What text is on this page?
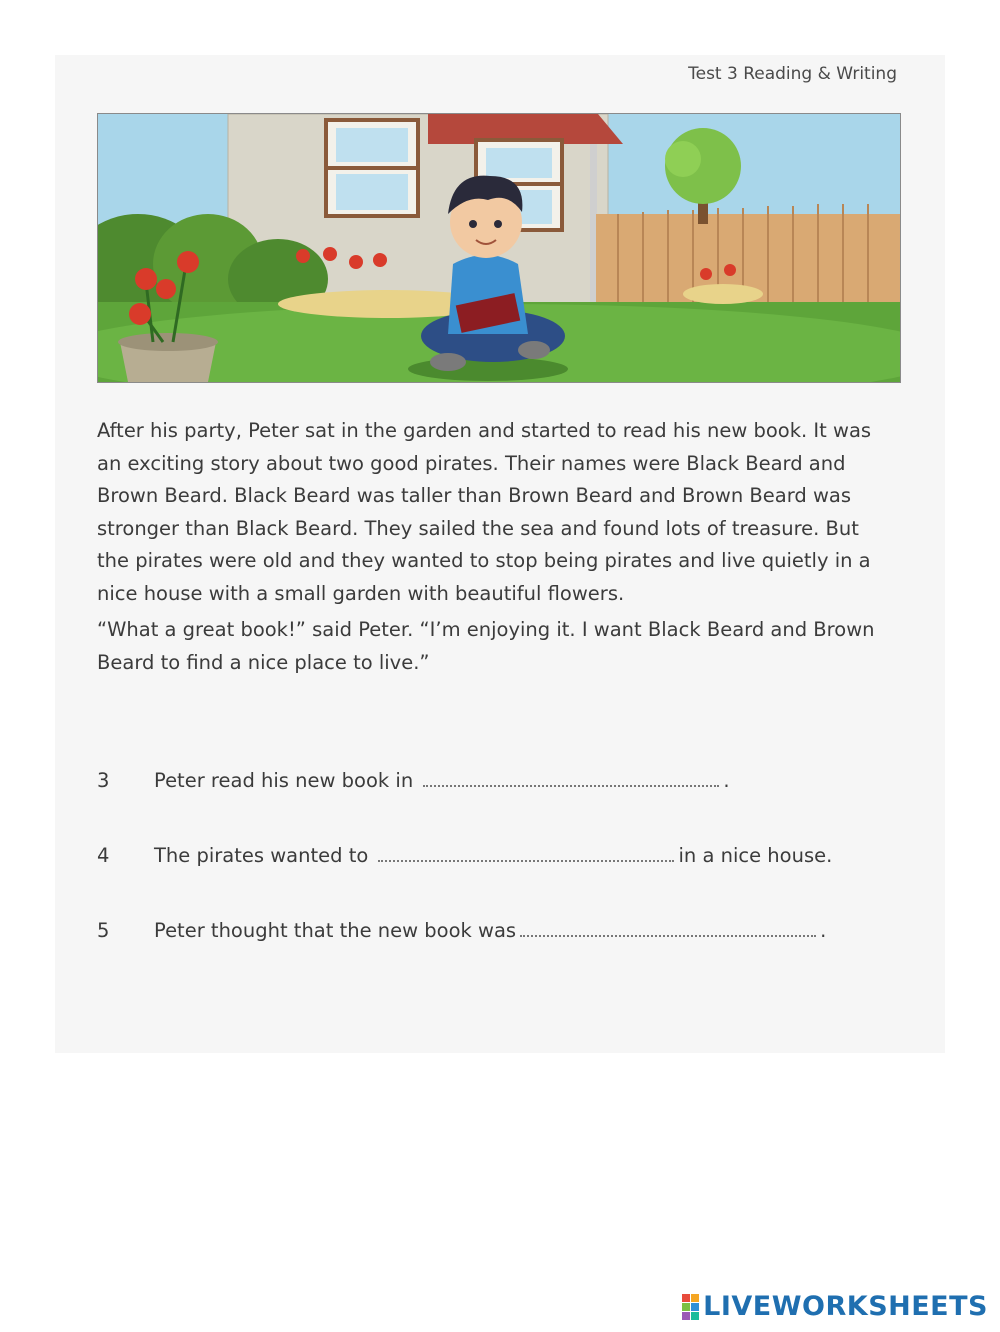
Test 3 Reading & Writing

After his party, Peter sat in the garden and started to read his new book. It was an exciting story about two good pirates. Their names were Black Beard and Brown Beard. Black Beard was taller than Brown Beard and Brown Beard was stronger than Black Beard. They sailed the sea and found lots of treasure. But the pirates were old and they wanted to stop being pirates and live quietly in a nice house with a small garden with beautiful flowers.

“What a great book!” said Peter. “I’m enjoying it. I want Black Beard and Brown Beard to find a nice place to live.”

3 Peter read his new book in	.
4 The pirates wanted to	in a nice house.
5 Peter thought that the new book was	.
LIVEWORKSHEETS
